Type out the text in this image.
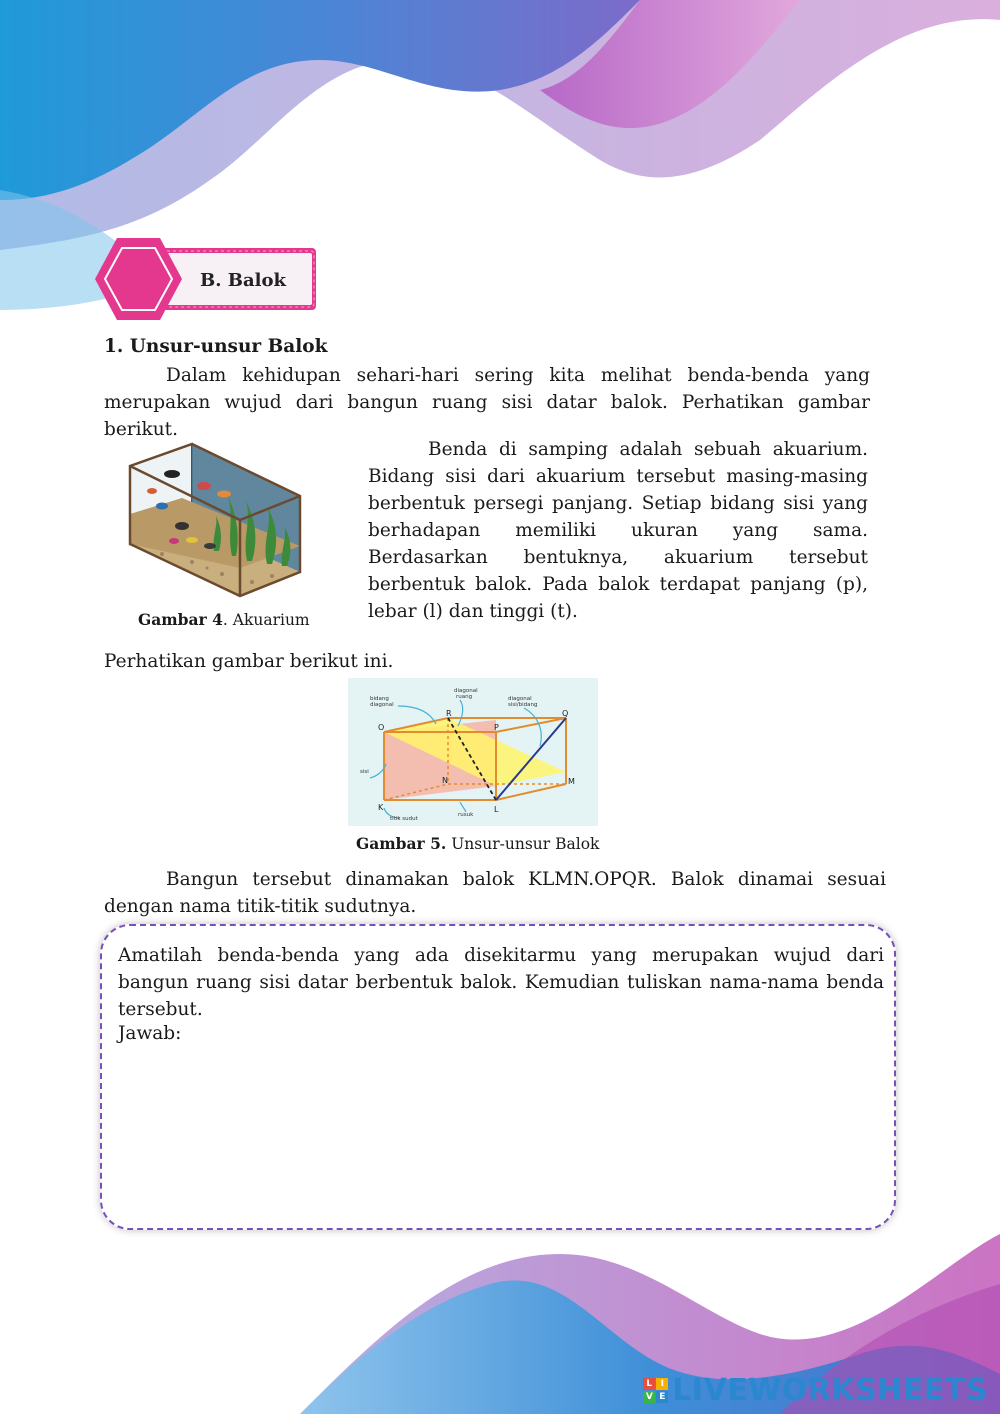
B. Balok
1. Unsur-unsur Balok

Dalam kehidupan sehari-hari sering kita melihat benda-benda yang merupakan wujud dari bangun ruang sisi datar balok. Perhatikan gambar berikut.

Benda di samping adalah sebuah akuarium. Bidang sisi dari akuarium tersebut masing-masing berbentuk persegi panjang. Setiap bidang sisi yang berhadapan memiliki ukuran yang sama. Berdasarkan bentuknya, akuarium tersebut berbentuk balok. Pada balok terdapat panjang (p), lebar (l) dan tinggi (t).

Gambar 4. Akuarium

Perhatikan gambar berikut ini.

bidang
diagonal
diagonal
ruang	diagonal
sisi/bidang
sisi
rusuk
titik sudut
O
R
P
Q
N	M
K	L
Gambar 5. Unsur-unsur Balok

Bangun tersebut dinamakan balok KLMN.OPQR. Balok dinamai sesuai dengan nama titik-titik sudutnya.

Amatilah benda-benda yang ada disekitarmu yang merupakan wujud dari bangun ruang sisi datar berbentuk balok. Kemudian tuliskan nama-nama benda tersebut.

Jawab:
L I
V E LIVEWORKSHEETS
